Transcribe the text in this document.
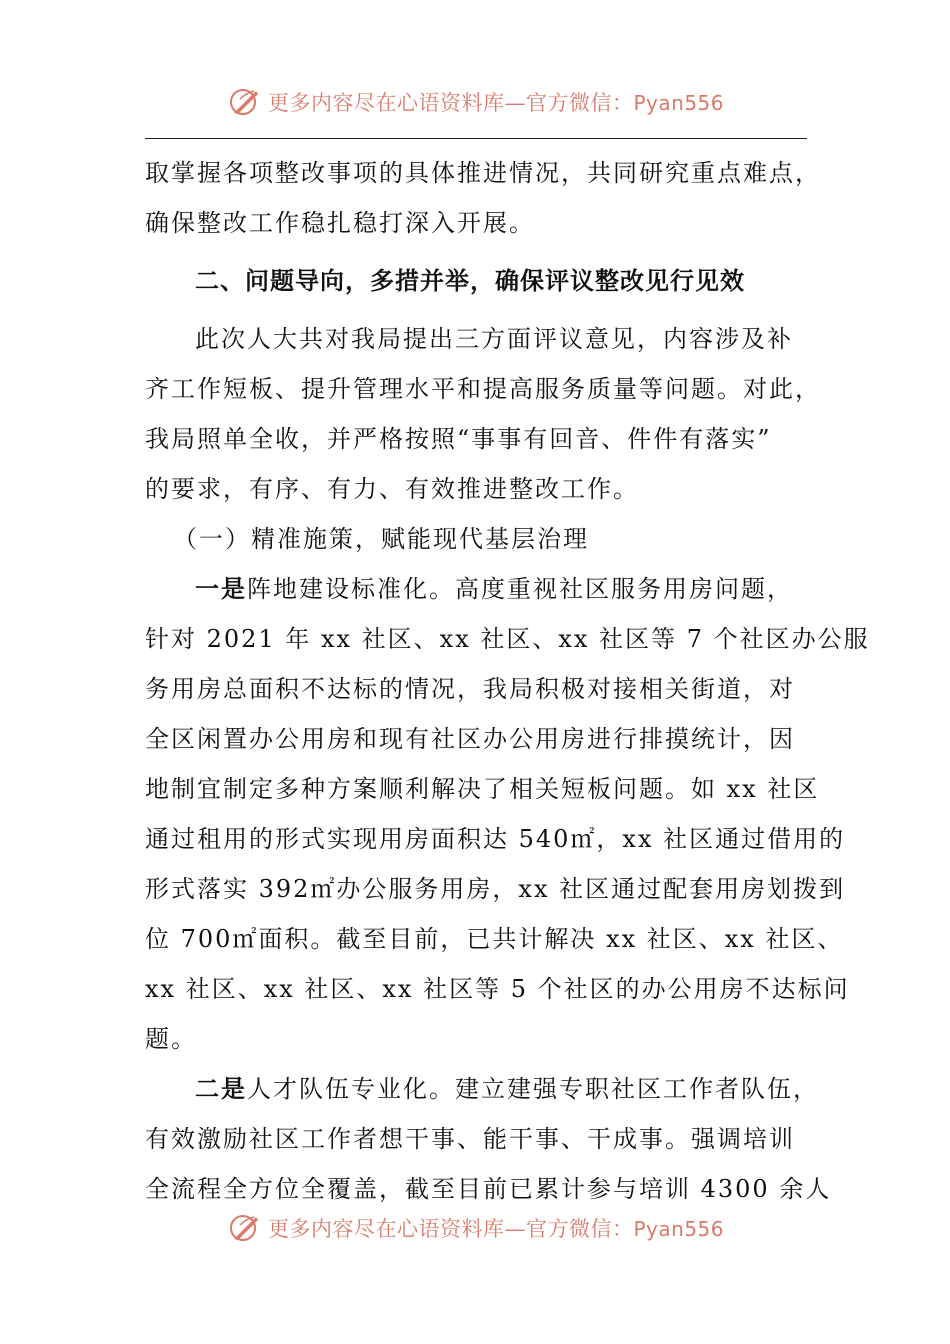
更多内容尽在心语资料库—官方微信：Pyan556
取掌握各项整改事项的具体推进情况，共同研究重点难点，
确保整改工作稳扎稳打深入开展。
二、问题导向，多措并举，确保评议整改见行见效
此次人大共对我局提出三方面评议意见，内容涉及补
齐工作短板、提升管理水平和提高服务质量等问题。对此，
我局照单全收，并严格按照“事事有回音、件件有落实”
的要求，有序、有力、有效推进整改工作。
（一）精准施策，赋能现代基层治理
一是阵地建设标准化。高度重视社区服务用房问题，
针对 2021 年 xx 社区、xx 社区、xx 社区等 7 个社区办公服
务用房总面积不达标的情况，我局积极对接相关街道，对
全区闲置办公用房和现有社区办公用房进行排摸统计，因
地制宜制定多种方案顺利解决了相关短板问题。如 xx 社区
通过租用的形式实现用房面积达 540㎡，xx 社区通过借用的
形式落实 392㎡办公服务用房，xx 社区通过配套用房划拨到
位 700㎡面积。截至目前，已共计解决 xx 社区、xx 社区、
xx 社区、xx 社区、xx 社区等 5 个社区的办公用房不达标问
题。
二是人才队伍专业化。建立建强专职社区工作者队伍，
有效激励社区工作者想干事、能干事、干成事。强调培训
全流程全方位全覆盖，截至目前已累计参与培训 4300 余人
更多内容尽在心语资料库—官方微信：Pyan556
